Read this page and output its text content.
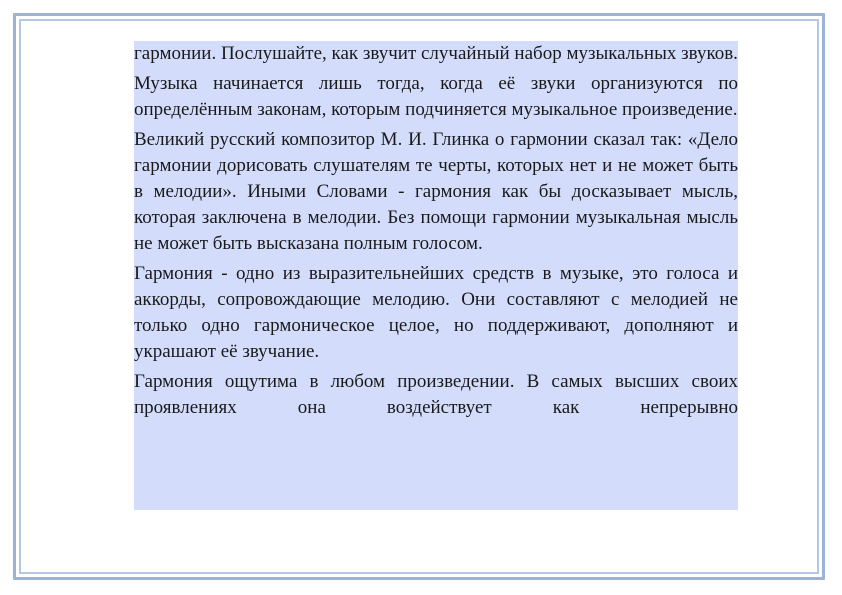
гармонии. Послушайте, как звучит случайный набор музыкальных звуков.

Музыка начинается лишь тогда, когда её звуки организуются по определённым законам, которым подчиняется музыкальное произведение.

Великий русский композитор М. И. Глинка о гармонии сказал так: «Дело гармонии дорисовать слушателям те черты, которых нет и не может быть в мелодии». Иными Словами - гармония как бы досказывает мысль, которая заключена в мелодии. Без помощи гармонии музыкальная мысль не может быть высказана полным голосом.

Гармония - одно из выразительнейших средств в музыке, это голоса и аккорды, сопровождающие мелодию. Они составляют с мелодией не только одно гармоническое целое, но поддерживают, дополняют и украшают её звучание.

Гармония ощутима в любом произведении. В самых высших своих проявлениях она воздействует как непрерывно
